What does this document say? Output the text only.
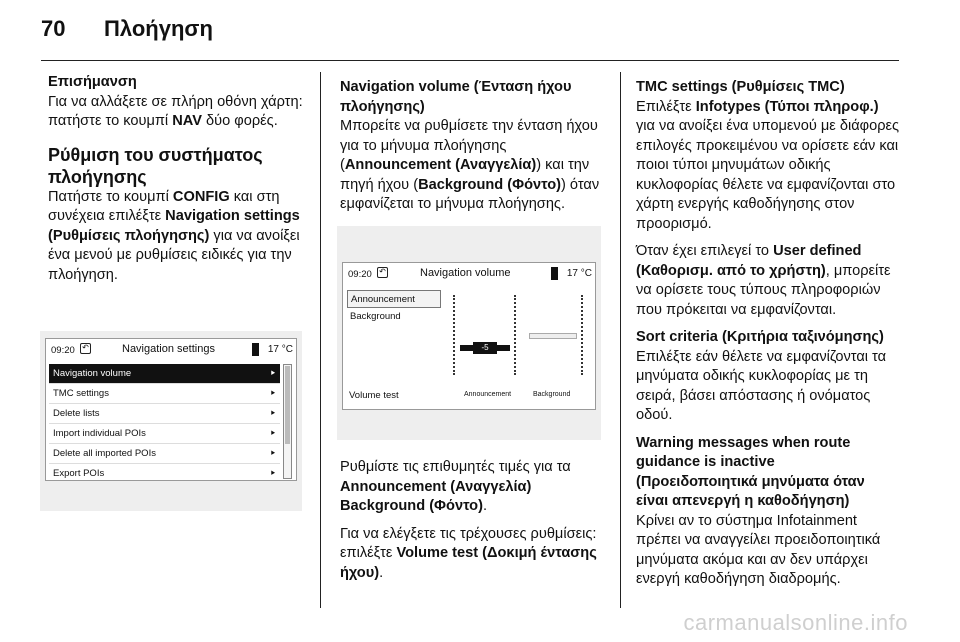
70 Πλοήγηση
Επισήμανση

Για να αλλάξετε σε πλήρη οθόνη χάρτη: πατήστε το κουμπί NAV δύο φορές.

Ρύθμιση του συστήματος πλοήγησης

Πατήστε το κουμπί CONFIG και στη συνέχεια επιλέξτε Navigation settings (Ρυθμίσεις πλοήγησης) για να ανοίξει ένα μενού με ρυθμίσεις ειδικές για την πλοήγηση.

09:20 ↶	Navigation settings	17 °C
Navigation volume	⯈
TMC settings	⯈
Delete lists	⯈
Import individual POIs	⯈
Delete all imported POIs	⯈
Export POIs	⯈
Navigation volume (Ένταση ήχου πλοήγησης)

Μπορείτε να ρυθμίσετε την ένταση ήχου για το μήνυμα πλοήγησης (Announcement (Αναγγελία)) και την πηγή ήχου (Background (Φόντο)) όταν εμφανίζεται το μήνυμα πλοήγησης.

09:20 ↶	Navigation volume	17 °C
Announcement
Background
Volume test
-5
Announcement	Background

Ρυθμίστε τις επιθυμητές τιμές για τα Announcement (Αναγγελία) Background (Φόντο).

Για να ελέγξετε τις τρέχουσες ρυθμίσεις: επιλέξτε Volume test (Δοκιμή έντασης ήχου).

TMC settings (Ρυθμίσεις TMC)

Επιλέξτε Infotypes (Τύποι πληροφ.) για να ανοίξει ένα υπομενού με διάφορες επιλογές προκειμένου να ορίσετε εάν και ποιοι τύποι μηνυμάτων οδικής κυκλοφορίας θέλετε να εμφανίζονται στο χάρτη ενεργής καθοδήγησης στον προορισμό.

Όταν έχει επιλεγεί το User defined (Καθορισμ. από το χρήστη), μπορείτε να ορίσετε τους τύπους πληροφοριών που πρόκειται να εμφανίζονται.

Sort criteria (Κριτήρια ταξινόμησης)

Επιλέξτε εάν θέλετε να εμφανίζονται τα μηνύματα οδικής κυκλοφορίας με τη σειρά, βάσει απόστασης ή ονόματος οδού.

Warning messages when route guidance is inactive (Προειδοποιητικά μηνύματα όταν είναι απενεργή η καθοδήγηση)

Κρίνει αν το σύστημα Infotainment πρέπει να αναγγείλει προειδοποιητικά μηνύματα ακόμα και αν δεν υπάρχει ενεργή καθοδήγηση διαδρομής.

carmanualsonline.info
